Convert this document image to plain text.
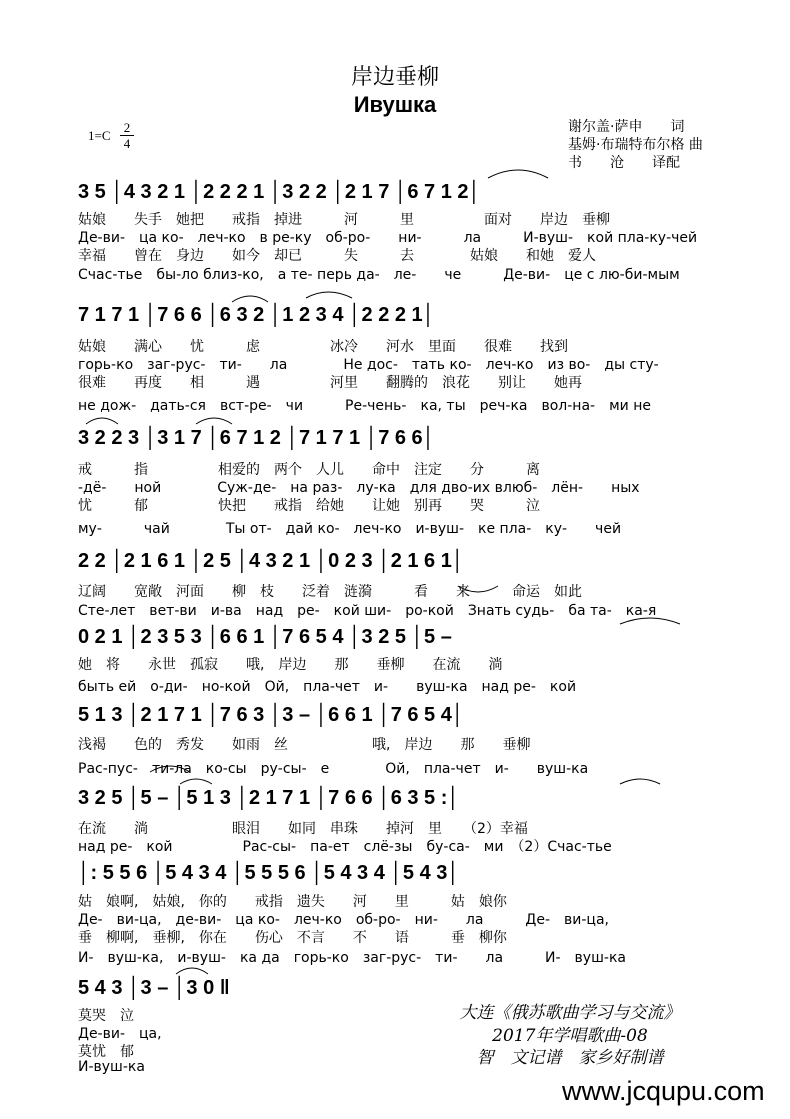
岸边垂柳
Ивушка
1=C
2
4
谢尔盖·萨申　　词
基姆·布瑞特布尔格 曲
书　　沧　　译配
3 5 │4 3 2 1 │2 2 2 1 │3 2 2 │2 1 7 │6 7 1 2│
姑娘　　失手　她把　　戒指　掉进　　　河　　　里　　　　　面对　　岸边　垂柳
Де-ви-　ца ко-　леч-ко　в ре-ку　об-ро-　　ни-　　　ла　　　И-вуш-　кой пла-ку-чей
幸福　　曾在　身边　　如今　却已　　　失　　　去　　　　姑娘　　和她　爱人
Счас-тье　бы-ло близ-ко,　а те- перь да-　ле-　　че　　　Де-ви-　це с лю-би-мым
7 1 7 1 │7 6 6 │6 3 2 │1 2 3 4 │2 2 2 1│
姑娘　　满心　　忧　　　虑　　　　　冰冷　　河水　里面　　很难　　找到
горь-ко　заг-рус-　ти-　　ла　　　　Не дос-　тать ко-　леч-ко　из во-　ды сту-
很难　　再度　　相　　　遇　　　　　河里　　翻腾的　浪花　　别让　　她再
не дож-　дать-ся　вст-ре-　чи　　　Ре-чень-　ка, ты　реч-ка　вол-на-　ми не
3 2 2 3 │3 1 7 │6 7 1 2 │7 1 7 1 │7 6 6│
戒　　　指　　　　　相爱的　两个　人儿　　命中　注定　　分　　　离
-дё-　　ной　　　　Суж-де-　на раз-　лу-ка　для дво-их влюб-　лён-　　ных
忧　　　郁　　　　　快把　　戒指　给她　　让她　别再　　哭　　　泣
му-　　　чай　　　　Ты от-　дай ко-　леч-ко　и-вуш-　ке пла-　ку-　　чей
2 2 │2 1 6 1 │2 5 │4 3 2 1 │0 2 3 │2 1 6 1│
辽阔　　宽敞　河面　　柳　枝　　泛着　涟漪　　　看　　来　　　命运　如此
Сте-лет　вет-ви　и-ва　над　ре-　кой ши-　ро-кой　Знать судь-　ба та-　ка-я
0 2 1 │2 3 5 3 │6 6 1 │7 6 5 4 │3 2 5 │5 –
她　将　　永世　孤寂　　哦,　岸边　　那　　垂柳　　在流　　淌
быть ей　о-ди-　но-кой　Ой,　пла-чет　и-　　вуш-ка　над ре-　кой
5 1 3 │2 1 7 1 │7 6 3 │3 – │6 6 1 │7 6 5 4│
浅褐　　色的　秀发　　如雨　丝　　　　　　哦,　岸边　　那　　垂柳
Рас-пус-　ти-ла　ко-сы　ру-сы-　е　　　　Ой,　пла-чет　и-　　вуш-ка
3 2 5 │5 – │5 1 3 │2 1 7 1 │7 6 6 │6 3 5 :│
在流　　淌　　　　　　眼泪　　如同　串珠　　掉河　里　　（2）幸福
над ре-　кой　　　　　Рас-сы-　па-ет　слё-зы　бу-са-　ми　（2）Счас-тье
│: 5 5 6 │5 4 3 4 │5 5 5 6 │5 4 3 4 │5 4 3│
姑　娘啊,　姑娘,　你的　　戒指　遗失　　河　　里　　　姑　娘你
Де-　ви-ца,　де-ви-　ца ко-　леч-ко　об-ро-　ни-　　ла　　　Де-　ви-ца,
垂　柳啊,　垂柳,　你在　　伤心　不言　　不　　语　　　垂　柳你
И-　вуш-ка,　и-вуш-　ка да　горь-ко　заг-рус-　ти-　　ла　　　И-　вуш-ка
5 4 3 │3 – │3 0 ‖
莫哭　泣
Де-ви-　ца,
莫忧　郁
И-вуш-ка
大连《俄苏歌曲学习与交流》
2017年学唱歌曲-08
智　文记谱　家乡好制谱
www.jcqupu.com
